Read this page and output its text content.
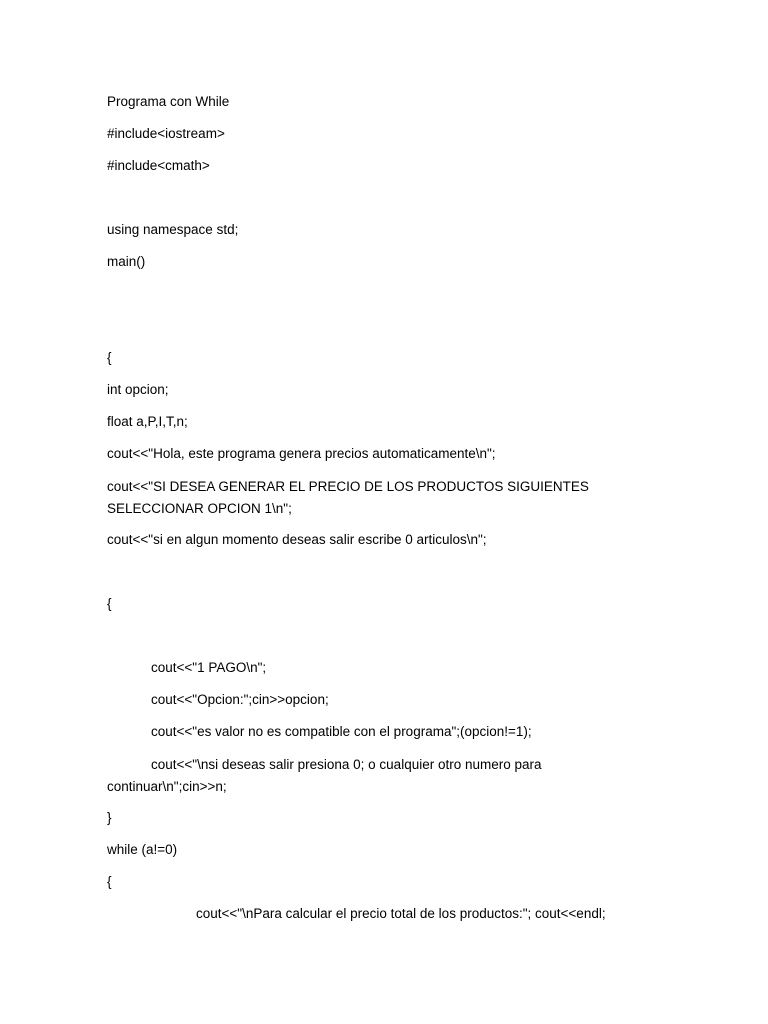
Programa con While
#include<iostream>
#include<cmath>
using namespace std;
main()
{
int opcion;
float a,P,I,T,n;
cout<<"Hola, este programa genera precios automaticamente\n";
cout<<"SI DESEA GENERAR EL PRECIO DE LOS PRODUCTOS SIGUIENTES SELECCIONAR OPCION 1\n";
cout<<"si en algun momento deseas salir escribe 0 articulos\n";
{
cout<<"1 PAGO\n";
cout<<"Opcion:";cin>>opcion;
cout<<"es valor no es compatible con el programa";(opcion!=1);
cout<<"\nsi deseas salir presiona 0; o cualquier otro numero para continuar\n";cin>>n;
}
while (a!=0)
{
cout<<"\nPara calcular el precio total de los productos:"; cout<<endl;
